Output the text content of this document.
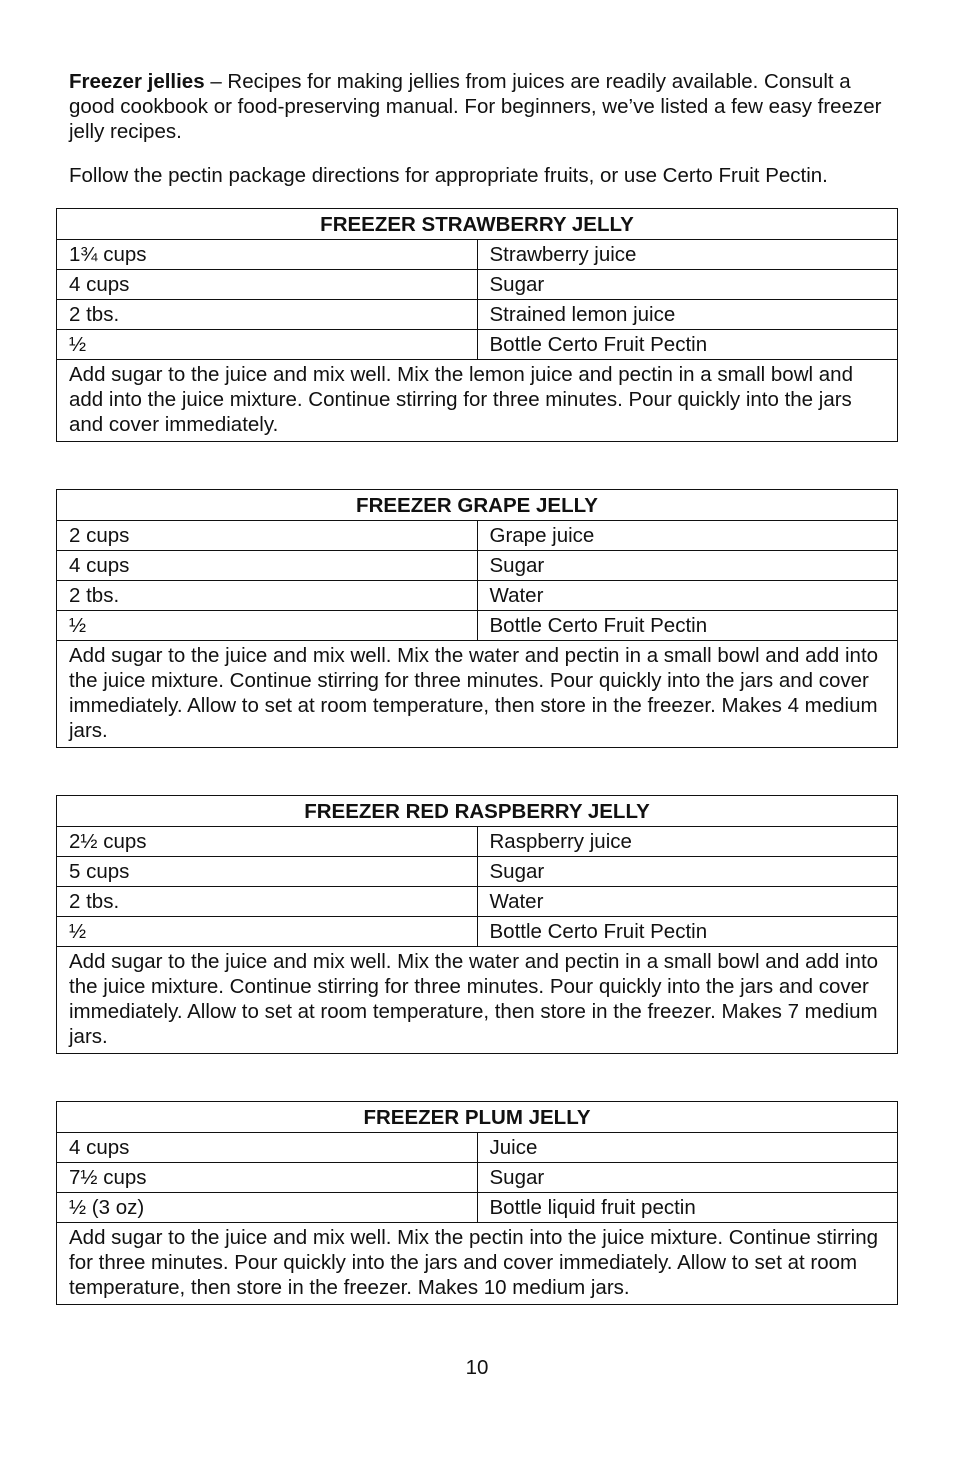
Freezer jellies – Recipes for making jellies from juices are readily available. Consult a good cookbook or food-preserving manual. For beginners, we’ve listed a few easy freezer jelly recipes.

Follow the pectin package directions for appropriate fruits, or use Certo Fruit Pectin.

FREEZER STRAWBERRY JELLY	
1¾ cups	Strawberry juice
4 cups	Sugar
2 tbs.	Strained lemon juice
½	Bottle Certo Fruit Pectin
Add sugar to the juice and mix well. Mix the lemon juice and pectin in a small bowl and add into the juice mixture. Continue stirring for three minutes. Pour quickly into the jars and cover immediately.	
FREEZER GRAPE JELLY	
2 cups	Grape juice
4 cups	Sugar
2 tbs.	Water
½	Bottle Certo Fruit Pectin
Add sugar to the juice and mix well. Mix the water and pectin in a small bowl and add into the juice mixture. Continue stirring for three minutes. Pour quickly into the jars and cover immediately. Allow to set at room temperature, then store in the freezer. Makes 4 medium jars.	
FREEZER RED RASPBERRY JELLY	
2½ cups	Raspberry juice
5 cups	Sugar
2 tbs.	Water
½	Bottle Certo Fruit Pectin
Add sugar to the juice and mix well. Mix the water and pectin in a small bowl and add into the juice mixture. Continue stirring for three minutes. Pour quickly into the jars and cover immediately. Allow to set at room temperature, then store in the freezer. Makes 7 medium jars.	
FREEZER PLUM JELLY	
4 cups	Juice
7½ cups	Sugar
½ (3 oz)	Bottle liquid fruit pectin
Add sugar to the juice and mix well. Mix the pectin into the juice mixture. Continue stirring for three minutes. Pour quickly into the jars and cover immediately. Allow to set at room temperature, then store in the freezer. Makes 10 medium jars.	
10
